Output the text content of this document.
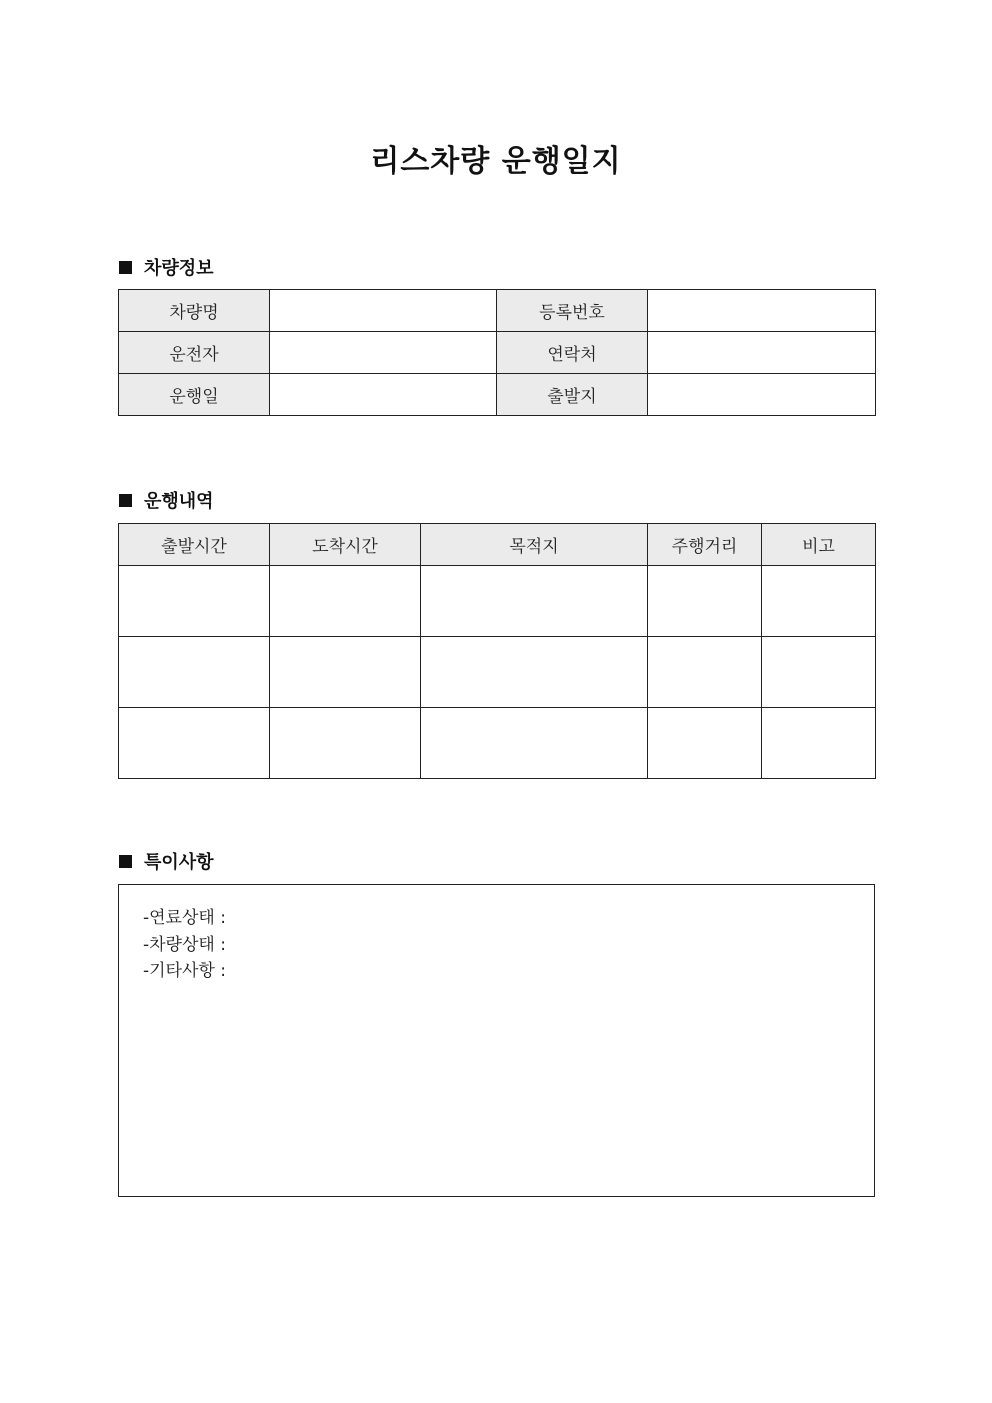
리스차량 운행일지
차량정보
차량명		등록번호	
운전자		연락처	
운행일		출발지	
운행내역
출발시간	도착시간	목적지	주행거리	비고

특이사항
-연료상태 :
-차량상태 :
-기타사항 :
